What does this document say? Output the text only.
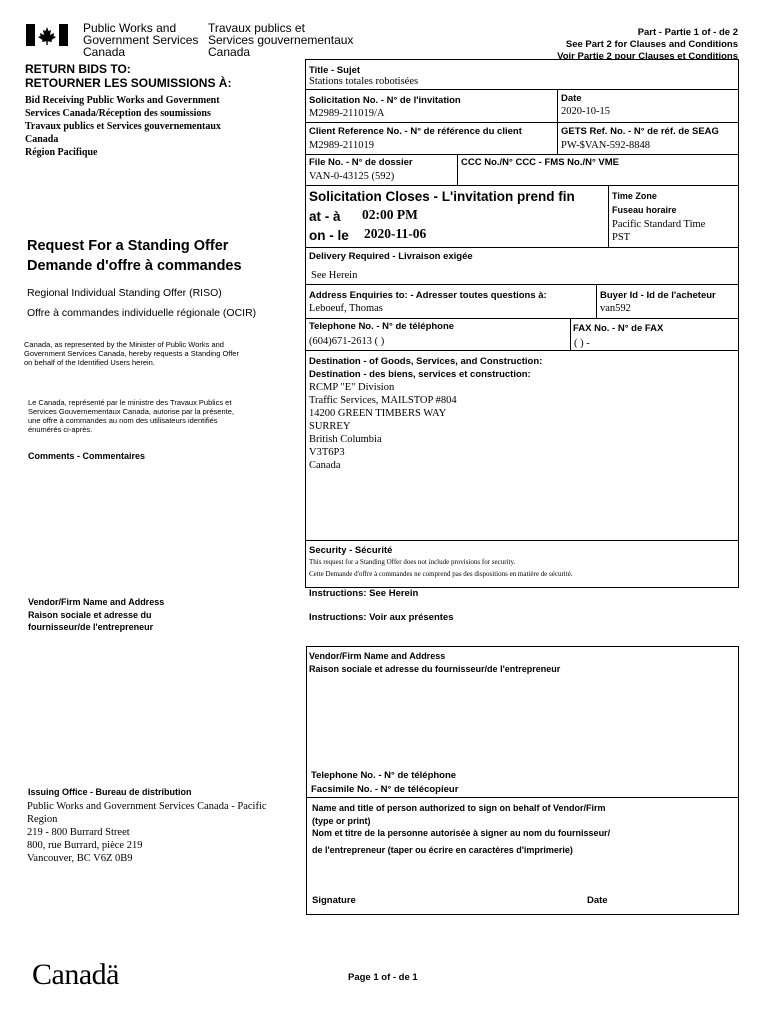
Public Works and
Government Services
Canada
Travaux publics et
Services gouvernementaux
Canada
Part - Partie 1 of - de 2
See Part 2 for Clauses and Conditions
Voir Partie 2 pour Clauses et Conditions
RETURN BIDS TO:
RETOURNER LES SOUMISSIONS À:
Bid Receiving Public Works and Government
Services Canada/Réception des soumissions
Travaux publics et Services gouvernementaux
Canada
Région Pacifique
Request For a Standing Offer
Demande d'offre à commandes
Regional Individual Standing Offer (RISO)
Offre à commandes individuelle régionale (OCIR)
Canada, as represented by the Minister of Public Works and
Government Services Canada, hereby requests a Standing Offer
on behalf of the Identified Users herein.
Le Canada, représenté par le ministre des Travaux Publics et
Services Gouvernementaux Canada, autorise par la présente,
une offre à commandes au nom des utilisateurs identifiés
énumérés ci-après.
Comments - Commentaires
Vendor/Firm Name and Address
Raison sociale et adresse du
fournisseur/de l'entrepreneur
Issuing Office - Bureau de distribution
Public Works and Government Services Canada - Pacific
Region
219 - 800 Burrard Street
800, rue Burrard, pièce 219
Vancouver, BC V6Z 0B9
Title - Sujet
Stations totales robotisées
Solicitation No. - N° de l'invitation
M2989-211019/A
Date
2020-10-15
Client Reference No. - N° de référence du client
M2989-211019
GETS Ref. No. - N° de réf. de SEAG
PW-$VAN-592-8848
File No. - N° de dossier
VAN-0-43125 (592)
CCC No./N° CCC - FMS No./N° VME
Solicitation Closes - L'invitation prend fin
at - à 02:00 PM
on - le 2020-11-06
Time Zone
Fuseau horaire
Pacific Standard Time
PST
Delivery Required - Livraison exigée
See Herein
Address Enquiries to: - Adresser toutes questions à:
Leboeuf, Thomas
Buyer Id - Id de l'acheteur
van592
Telephone No. - N° de téléphone
(604)671-2613 ( )
FAX No. - N° de FAX
( ) -
Destination - of Goods, Services, and Construction:
Destination - des biens, services et construction:
RCMP "E" Division
Traffic Services, MAILSTOP #804
14200 GREEN TIMBERS WAY
SURREY
British Columbia
V3T6P3
Canada
Security - Sécurité
This request for a Standing Offer does not include provisions for security.
Cette Demande d'offre à commandes ne comprend pas des dispositions en matière de sécurité.
Instructions: See Herein
Instructions: Voir aux présentes
Vendor/Firm Name and Address
Raison sociale et adresse du fournisseur/de l'entrepreneur
Telephone No. - N° de téléphone
Facsimile No. - N° de télécopieur
Name and title of person authorized to sign on behalf of Vendor/Firm
(type or print)
Nom et titre de la personne autorisée à signer au nom du fournisseur/
de l'entrepreneur (taper ou écrire en caractères d'imprimerie)
Signature	Date
Canadä	Page 1 of - de 1
